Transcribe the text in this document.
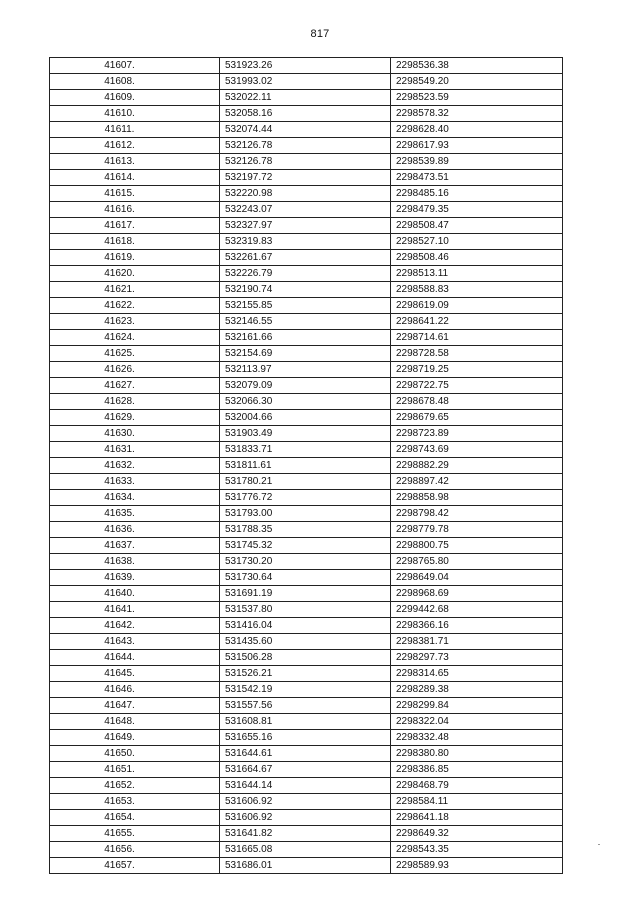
817
41607.	531923.26	2298536.38
41608.	531993.02	2298549.20
41609.	532022.11	2298523.59
41610.	532058.16	2298578.32
41611.	532074.44	2298628.40
41612.	532126.78	2298617.93
41613.	532126.78	2298539.89
41614.	532197.72	2298473.51
41615.	532220.98	2298485.16
41616.	532243.07	2298479.35
41617.	532327.97	2298508.47
41618.	532319.83	2298527.10
41619.	532261.67	2298508.46
41620.	532226.79	2298513.11
41621.	532190.74	2298588.83
41622.	532155.85	2298619.09
41623.	532146.55	2298641.22
41624.	532161.66	2298714.61
41625.	532154.69	2298728.58
41626.	532113.97	2298719.25
41627.	532079.09	2298722.75
41628.	532066.30	2298678.48
41629.	532004.66	2298679.65
41630.	531903.49	2298723.89
41631.	531833.71	2298743.69
41632.	531811.61	2298882.29
41633.	531780.21	2298897.42
41634.	531776.72	2298858.98
41635.	531793.00	2298798.42
41636.	531788.35	2298779.78
41637.	531745.32	2298800.75
41638.	531730.20	2298765.80
41639.	531730.64	2298649.04
41640.	531691.19	2298968.69
41641.	531537.80	2299442.68
41642.	531416.04	2298366.16
41643.	531435.60	2298381.71
41644.	531506.28	2298297.73
41645.	531526.21	2298314.65
41646.	531542.19	2298289.38
41647.	531557.56	2298299.84
41648.	531608.81	2298322.04
41649.	531655.16	2298332.48
41650.	531644.61	2298380.80
41651.	531664.67	2298386.85
41652.	531644.14	2298468.79
41653.	531606.92	2298584.11
41654.	531606.92	2298641.18
41655.	531641.82	2298649.32
41656.	531665.08	2298543.35
41657.	531686.01	2298589.93
